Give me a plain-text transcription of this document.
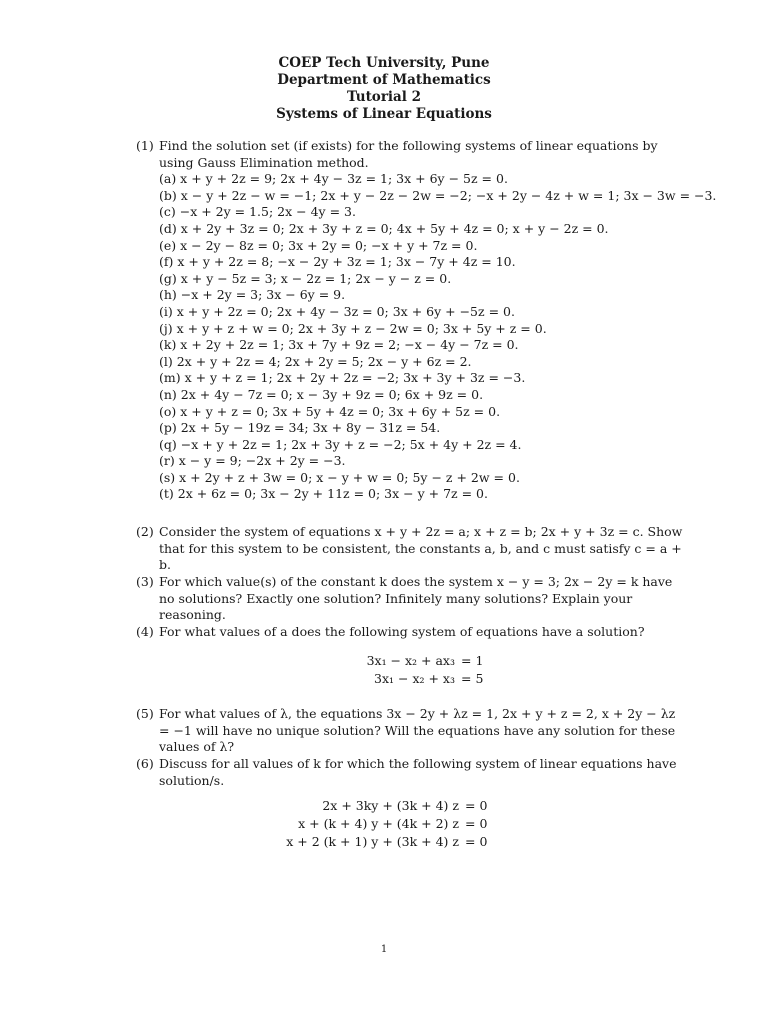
COEP Tech University, Pune
Department of Mathematics
Tutorial 2
Systems of Linear Equations
(1) Find the solution set (if exists) for the following systems of linear equations by using Gauss Elimination method.
(a) x + y + 2z = 9; 2x + 4y − 3z = 1; 3x + 6y − 5z = 0.
(b) x − y + 2z − w = −1; 2x + y − 2z − 2w = −2; −x + 2y − 4z + w = 1; 3x − 3w = −3.
(c) −x + 2y = 1.5; 2x − 4y = 3.
(d) x + 2y + 3z = 0; 2x + 3y + z = 0; 4x + 5y + 4z = 0; x + y − 2z = 0.
(e) x − 2y − 8z = 0; 3x + 2y = 0; −x + y + 7z = 0.
(f) x + y + 2z = 8; −x − 2y + 3z = 1; 3x − 7y + 4z = 10.
(g) x + y − 5z = 3; x − 2z = 1; 2x − y − z = 0.
(h) −x + 2y = 3; 3x − 6y = 9.
(i) x + y + 2z = 0; 2x + 4y − 3z = 0; 3x + 6y + −5z = 0.
(j) x + y + z + w = 0; 2x + 3y + z − 2w = 0; 3x + 5y + z = 0.
(k) x + 2y + 2z = 1; 3x + 7y + 9z = 2; −x − 4y − 7z = 0.
(l) 2x + y + 2z = 4; 2x + 2y = 5; 2x − y + 6z = 2.
(m) x + y + z = 1; 2x + 2y + 2z = −2; 3x + 3y + 3z = −3.
(n) 2x + 4y − 7z = 0; x − 3y + 9z = 0; 6x + 9z = 0.
(o) x + y + z = 0; 3x + 5y + 4z = 0; 3x + 6y + 5z = 0.
(p) 2x + 5y − 19z = 34; 3x + 8y − 31z = 54.
(q) −x + y + 2z = 1; 2x + 3y + z = −2; 5x + 4y + 2z = 4.
(r) x − y = 9; −2x + 2y = −3.
(s) x + 2y + z + 3w = 0; x − y + w = 0; 5y − z + 2w = 0.
(t) 2x + 6z = 0; 3x − 2y + 11z = 0; 3x − y + 7z = 0.
(2) Consider the system of equations x + y + 2z = a; x + z = b; 2x + y + 3z = c. Show that for this system to be consistent, the constants a, b, and c must satisfy c = a + b.
(3) For which value(s) of the constant k does the system x − y = 3; 2x − 2y = k have no solutions? Exactly one solution? Infinitely many solutions? Explain your reasoning.
(4) For what values of a does the following system of equations have a solution?
3x₁ − x₂ + ax₃ = 1
3x₁ − x₂ + x₃ = 5
(5) For what values of λ, the equations 3x − 2y + λz = 1, 2x + y + z = 2, x + 2y − λz = −1 will have no unique solution? Will the equations have any solution for these values of λ?
(6) Discuss for all values of k for which the following system of linear equations have solution/s.
2x + 3ky + (3k + 4) z = 0
x + (k + 4) y + (4k + 2) z = 0
x + 2 (k + 1) y + (3k + 4) z = 0
1
